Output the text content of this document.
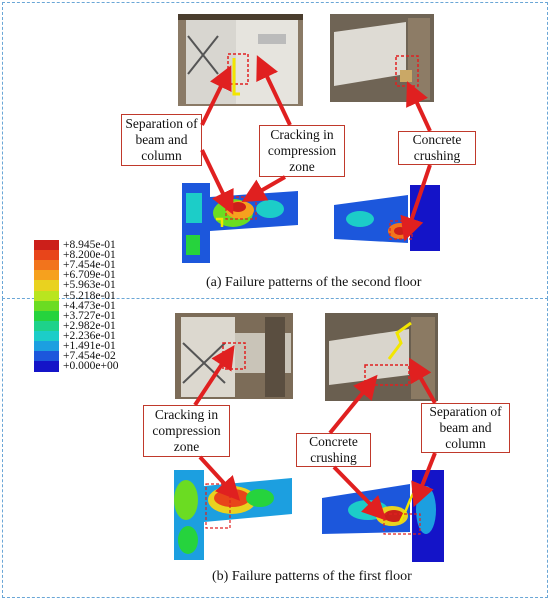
Separation of beam and column
Cracking in compression zone
Concrete crushing
(a) Failure patterns of the second floor
+8.945e-01
+8.200e-01
+7.454e-01
+6.709e-01
+5.963e-01
+5.218e-01
+4.473e-01
+3.727e-01
+2.982e-01
+2.236e-01
+1.491e-01
+7.454e-02
+0.000e+00
Cracking in compression zone	Concrete crushing
Separation of beam and column
(b) Failure patterns of the first floor
